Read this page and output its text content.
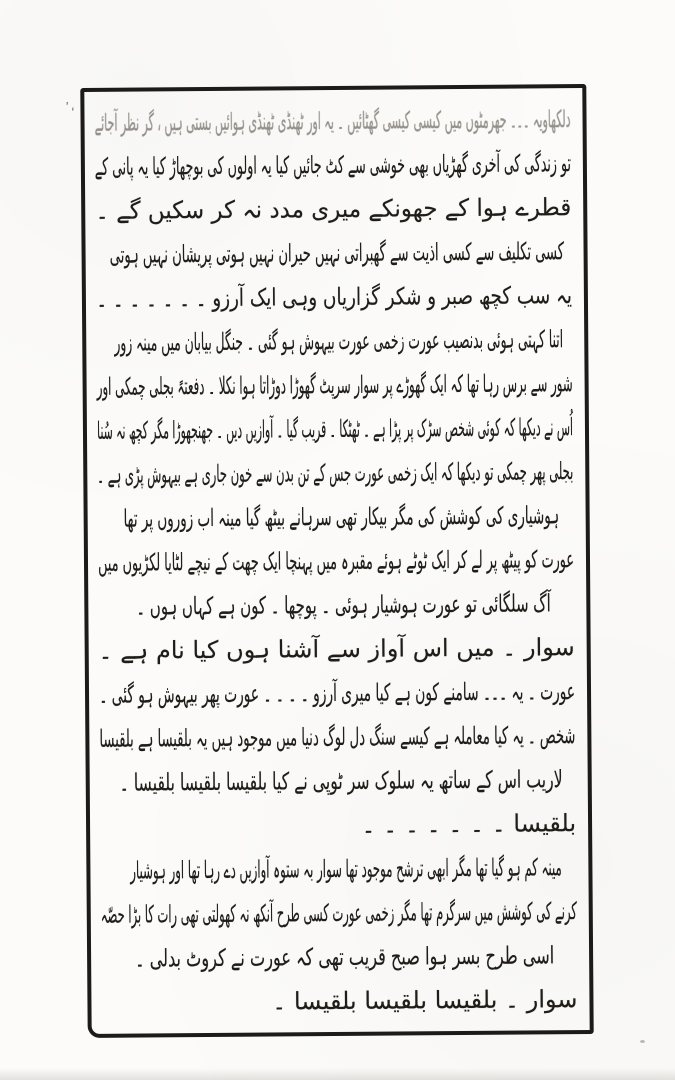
،٬ دلکھاویہ ۔۔۔ جھرمٹوں میں کیسی کیسی گھٹائیں ۔ یہ اور ٹھنڈی ٹھنڈی ہوائیں بستی ہیں ، گر نظر آجائے
تو زندگی کی آخری گھڑیاں بھی خوشی سے کٹ جائیں کیا یہ اولوں کی بوچھاڑ کیا یہ پانی کے
قطرے ہوا کے جھونکے میری مدد نہ کر سکیں گے ۔
کسی تکلیف سے کسی اذیت سے گھبراتی نہیں حیران نہیں ہوتی پریشان نہیں ہوتی
یہ سب کچھ صبر و شکر گزاریاں وہی ایک آرزو ۔ ۔ ۔ ۔ ۔ ۔ ۔
اتنا کہتی ہوئی بدنصیب عورت زخمی عورت بیہوش ہو گئی ۔ جنگل بیابان میں مینہ زور
شور سے برس رہا تھا کہ ایک گھوڑے پر سوار سرپٹ گھوڑا دوڑاتا ہوا نکلا ۔ دفعتہً بجلی چمکی اور
اُس نے دیکھا کہ کوئی شخص سڑک پر پڑا ہے ۔ ٹھٹکا ۔ قریب گیا ۔ آوازیں دیں ۔ جھنجھوڑا مگر کچھ نہ سُنا
بجلی پھر چمکی تو دیکھا کہ ایک زخمی عورت جس کے تن بدن سے خون جاری ہے بیہوش پڑی ہے ۔
ہوشیاری کی کوشش کی مگر بیکار تھی سرہانے بیٹھ گیا مینہ اب زوروں پر تھا
عورت کو پیٹھ پر لے کر ایک ٹوٹے ہوئے مقبرہ میں پہنچا ایک چھت کے نیچے لٹایا لکڑیوں میں
آگ سلگائی تو عورت ہوشیار ہوئی ۔ پوچھا ۔ کون ہے کہاں ہوں ۔
سوار ۔ میں اس آواز سے آشنا ہوں کیا نام ہے ۔
عورت ۔ یہ ۔۔۔ سامنے کون ہے کیا میری آرزو ۔ ۔ ۔ ۔ عورت پھر بیہوش ہو گئی ۔
شخص ۔ یہ کیا معاملہ ہے کیسے سنگ دل لوگ دنیا میں موجود ہیں یہ بلقیسا ہے بلقیسا
لاریب اس کے ساتھ یہ سلوک سر ٹوپی نے کیا بلقیسا بلقیسا بلقیسا ۔
بلقیسا ۔ ۔ ۔ ۔ ۔ ۔ ۔
مینہ کم ہو گیا تھا مگر ابھی ترشح موجود تھا سوار بہ ستوہ آوازیں دے رہا تھا اور ہوشیار
کرنے کی کوشش میں سرگرم تھا مگر زخمی عورت کسی طرح آنکھ نہ کھولتی تھی رات کا بڑا حصّہ
اسی طرح بسر ہوا صبح قریب تھی کہ عورت نے کروٹ بدلی ۔
سوار ۔ بلقیسا بلقیسا بلقیسا ۔
